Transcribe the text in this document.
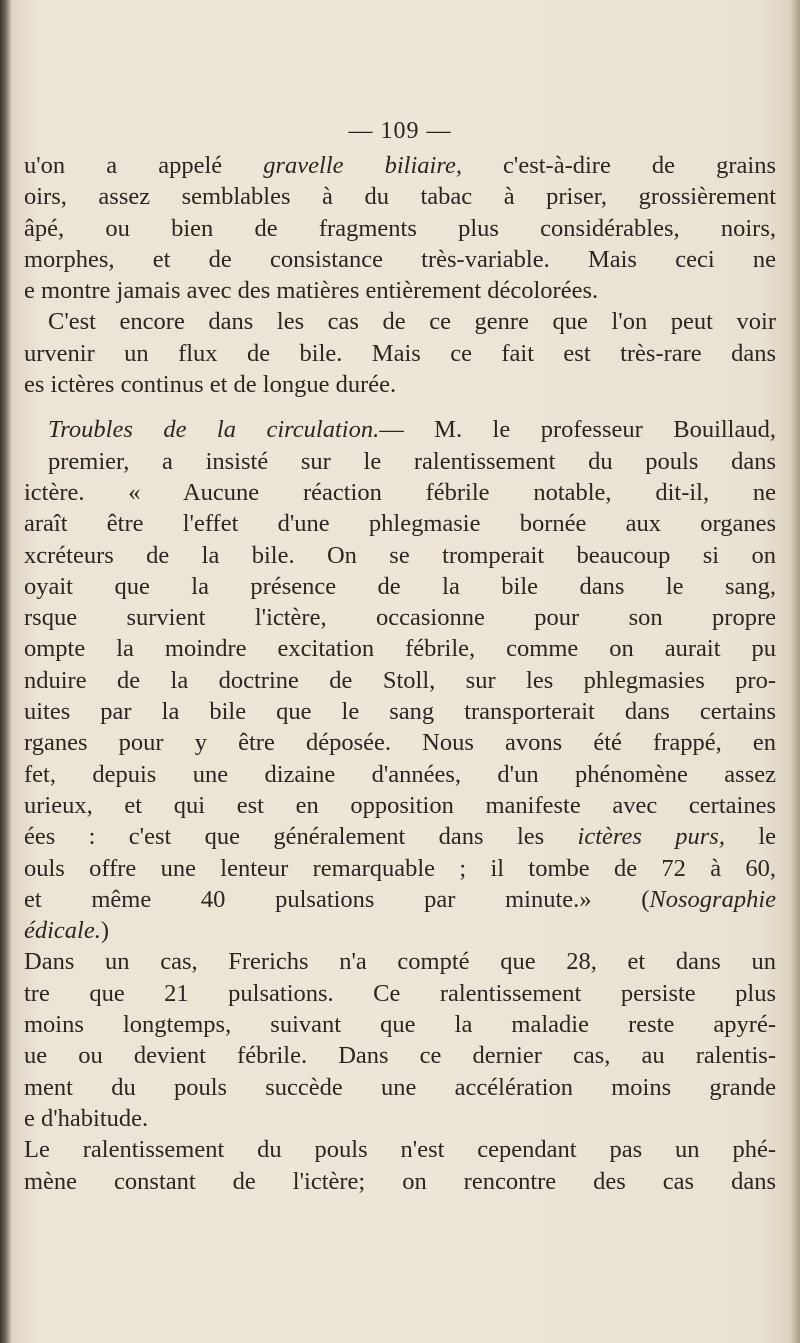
— 109 —
u'on a appelé gravelle biliaire, c'est-à-dire de grains
oirs, assez semblables à du tabac à priser, grossièrement
âpé, ou bien de fragments plus considérables, noirs,
morphes, et de consistance très-variable. Mais ceci ne
e montre jamais avec des matières entièrement décolorées.
C'est encore dans les cas de ce genre que l'on peut voir
urvenir un flux de bile. Mais ce fait est très-rare dans
es ictères continus et de longue durée.
Troubles de la circulation.— M. le professeur Bouillaud,
premier, a insisté sur le ralentissement du pouls dans
ictère. « Aucune réaction fébrile notable, dit-il, ne
araît être l'effet d'une phlegmasie bornée aux organes
xcréteurs de la bile. On se tromperait beaucoup si on
oyait que la présence de la bile dans le sang,
rsque survient l'ictère, occasionne pour son propre
ompte la moindre excitation fébrile, comme on aurait pu
nduire de la doctrine de Stoll, sur les phlegmasies pro-
uites par la bile que le sang transporterait dans certains
rganes pour y être déposée. Nous avons été frappé, en
fet, depuis une dizaine d'années, d'un phénomène assez
urieux, et qui est en opposition manifeste avec certaines
ées : c'est que généralement dans les ictères purs, le
ouls offre une lenteur remarquable ; il tombe de 72 à 60,
et même 40 pulsations par minute.» (Nosographie
édicale.)
Dans un cas, Frerichs n'a compté que 28, et dans un
tre que 21 pulsations. Ce ralentissement persiste plus
moins longtemps, suivant que la maladie reste apyré-
ue ou devient fébrile. Dans ce dernier cas, au ralentis-
ment du pouls succède une accélération moins grande
e d'habitude.
Le ralentissement du pouls n'est cependant pas un phé-
mène constant de l'ictère; on rencontre des cas dans
